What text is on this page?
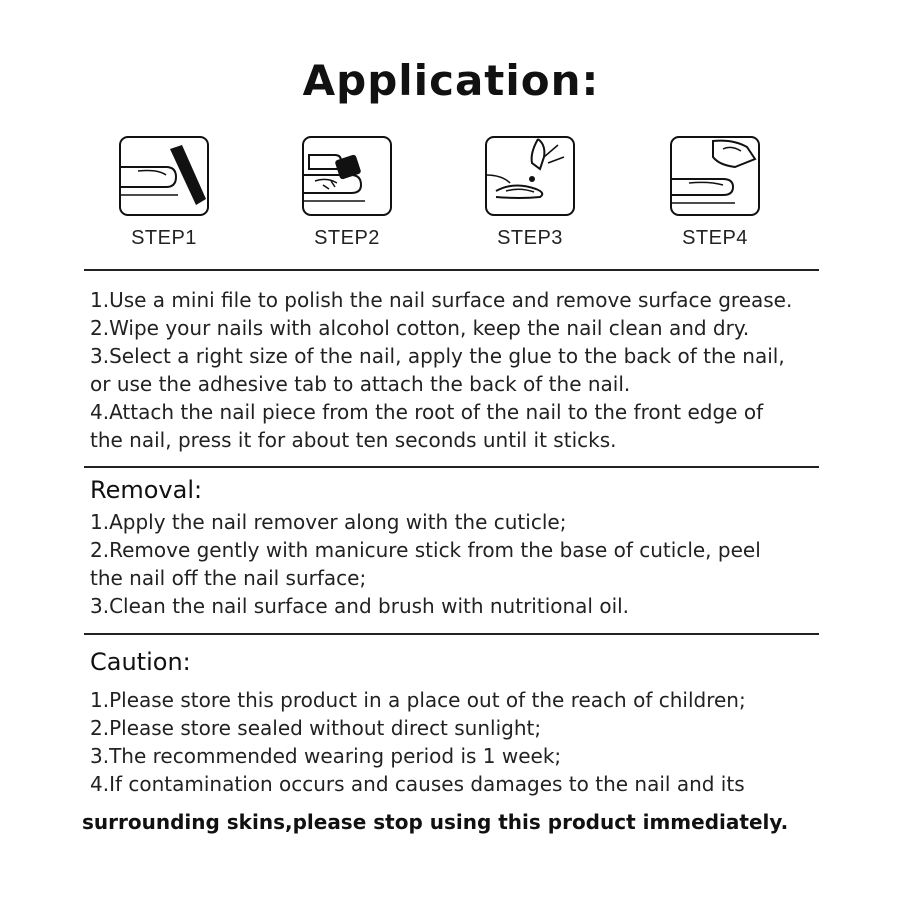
Application:
STEP1	STEP2	STEP3	STEP4

1.Use a mini file to polish the nail surface and remove surface grease.

2.Wipe your nails with alcohol cotton, keep the nail clean and dry.

3.Select a right size of the nail, apply the glue to the back of the nail,

or use the adhesive tab to attach the back of the nail.

4.Attach the nail piece from the root of the nail to the front edge of

the nail, press it for about ten seconds until it sticks.

Removal:

1.Apply the nail remover along with the cuticle;

2.Remove gently with manicure stick from the base of cuticle, peel

the nail off the nail surface;

3.Clean the nail surface and brush with nutritional oil.

Caution:

1.Please store this product in a place out of the reach of children;

2.Please store sealed without direct sunlight;

3.The recommended wearing period is 1 week;

4.If contamination occurs and causes damages to the nail and its

surrounding skins,please stop using this product immediately.
